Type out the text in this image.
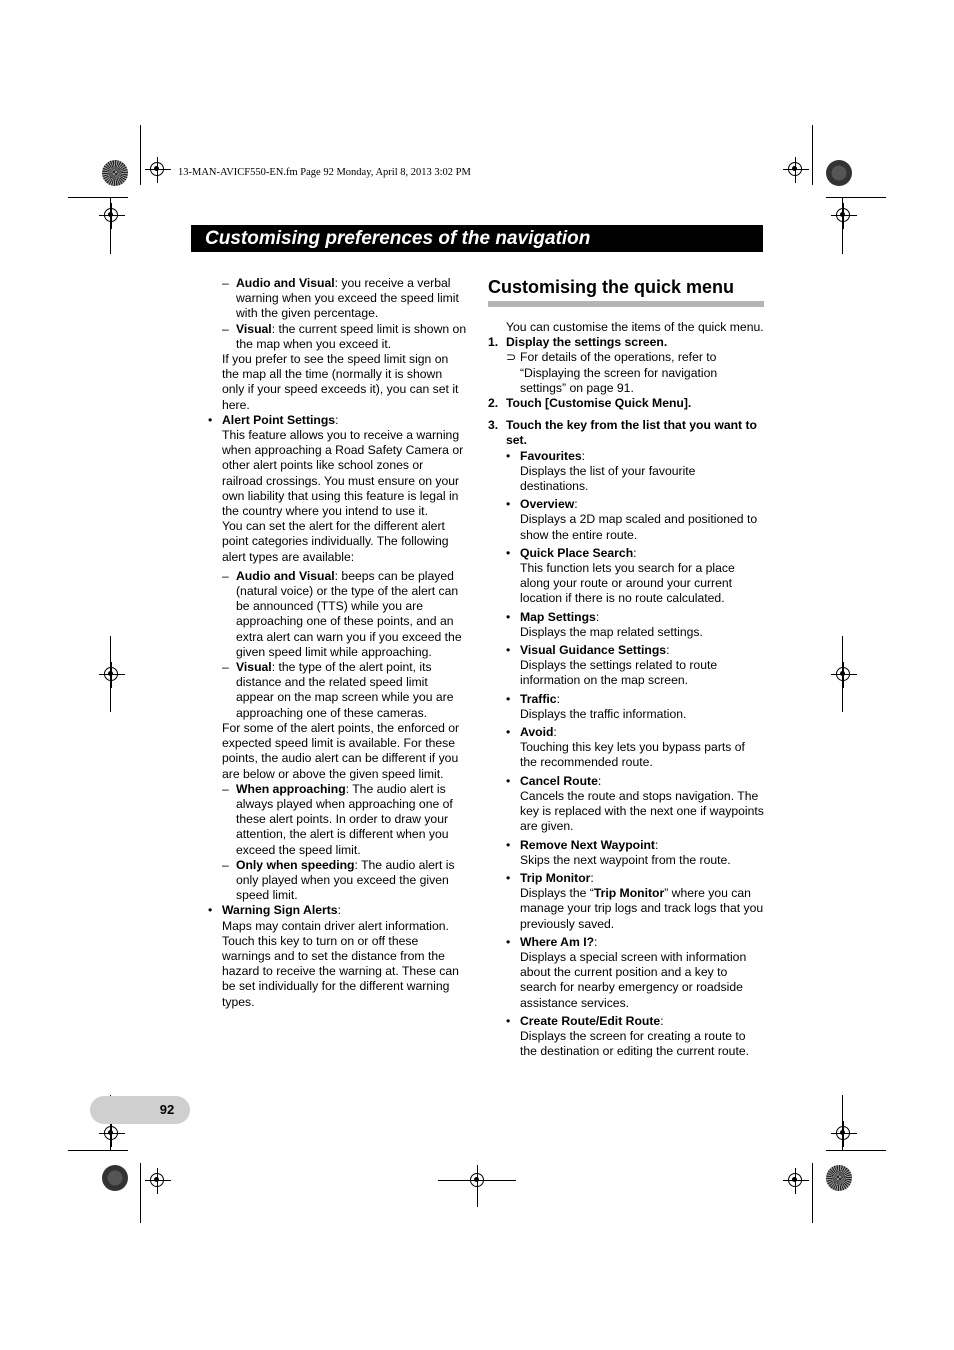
13-MAN-AVICF550-EN.fm Page 92 Monday, April 8, 2013 3:02 PM
Customising preferences of the navigation

– Audio and Visual: you receive a verbal warning when you exceed the speed limit with the given percentage.

– Visual: the current speed limit is shown on the map when you exceed it.

If you prefer to see the speed limit sign on the map all the time (normally it is shown only if your speed exceeds it), you can set it here.

• Alert Point Settings:
This feature allows you to receive a warning when approaching a Road Safety Camera or other alert points like school zones or railroad crossings. You must ensure on your own liability that using this feature is legal in the country where you intend to use it.
You can set the alert for the different alert point categories individually. The following alert types are available:

– Audio and Visual: beeps can be played (natural voice) or the type of the alert can be announced (TTS) while you are approaching one of these points, and an extra alert can warn you if you exceed the given speed limit while approaching.

– Visual: the type of the alert point, its distance and the related speed limit appear on the map screen while you are approaching one of these cameras.

For some of the alert points, the enforced or expected speed limit is available. For these points, the audio alert can be different if you are below or above the given speed limit.

– When approaching: The audio alert is always played when approaching one of these alert points. In order to draw your attention, the alert is different when you exceed the speed limit.

– Only when speeding: The audio alert is only played when you exceed the given speed limit.

• Warning Sign Alerts:
Maps may contain driver alert information. Touch this key to turn on or off these warnings and to set the distance from the hazard to receive the warning at. These can be set individually for the different warning types.
Customising the quick menu

You can customise the items of the quick menu.

1. Display the settings screen.

⊃ For details of the operations, refer to “Displaying the screen for navigation settings” on page 91.

2. Touch [Customise Quick Menu].

3. Touch the key from the list that you want to set.

• Favourites:
Displays the list of your favourite destinations.
• Overview:
Displays a 2D map scaled and positioned to show the entire route.
• Quick Place Search:
This function lets you search for a place along your route or around your current location if there is no route calculated.
• Map Settings:
Displays the map related settings.
• Visual Guidance Settings:
Displays the settings related to route information on the map screen.
• Traffic:
Displays the traffic information.
• Avoid:
Touching this key lets you bypass parts of the recommended route.
• Cancel Route:
Cancels the route and stops navigation. The key is replaced with the next one if waypoints are given.
• Remove Next Waypoint:
Skips the next waypoint from the route.
• Trip Monitor:
Displays the “Trip Monitor” where you can manage your trip logs and track logs that you previously saved.
• Where Am I?:
Displays a special screen with information about the current position and a key to search for nearby emergency or roadside assistance services.
• Create Route/Edit Route:
Displays the screen for creating a route to the destination or editing the current route.
92
